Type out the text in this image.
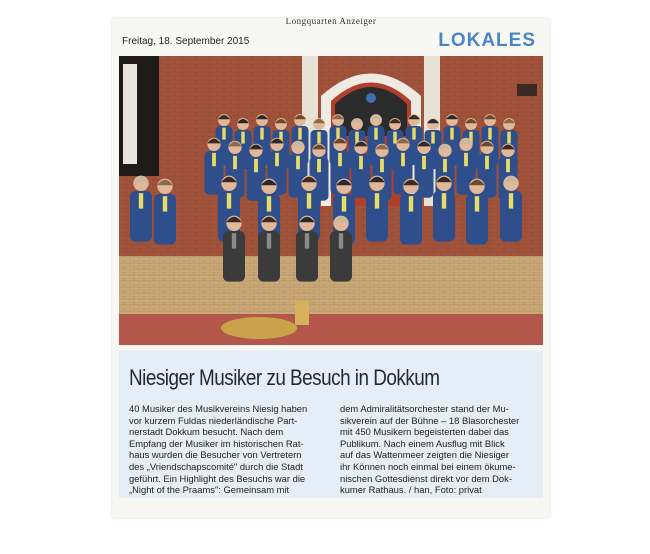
Longquarten Anzeiger
Freitag, 18. September 2015	LOKALES
Niesiger Musiker zu Besuch in Dokkum
40 Musiker des Musikvereins Niesig haben
vor kurzem Fuldas niederländische Part-
nerstadt Dokkum besucht. Nach dem
Empfang der Musiker im historischen Rat-
haus wurden die Besucher von Vertretern
des „Vriendschapscomité" durch die Stadt
geführt. Ein Highlight des Besuchs war die
„Night of the Praams": Gemeinsam mit
dem Admiralitätsorchester stand der Mu-
sikverein auf der Bühne – 18 Blasorchester
mit 450 Musikern begeisterten dabei das
Publikum. Nach einem Ausflug mit Blick
auf das Wattenmeer zeigten die Niesiger
ihr Können noch einmal bei einem ökume-
nischen Gottesdienst direkt vor dem Dok-
kumer Rathaus. / han, Foto: privat
